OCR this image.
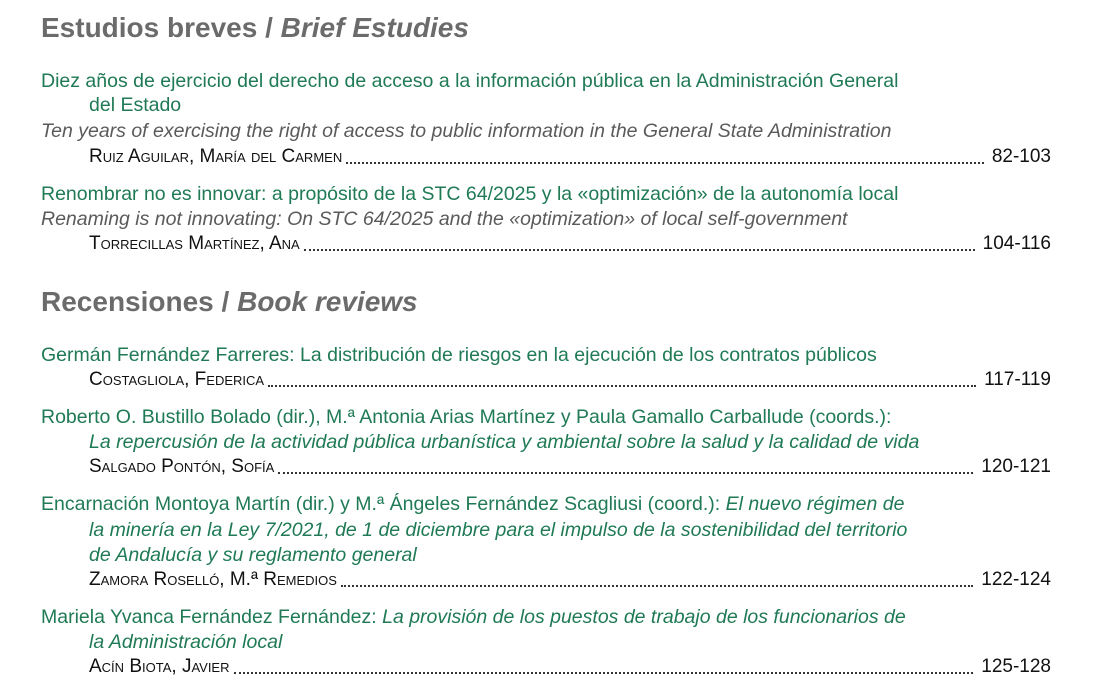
Estudios breves / Brief Estudies
Diez años de ejercicio del derecho de acceso a la información pública en la Administración General
del Estado
Ten years of exercising the right of access to public information in the General State Administration
Ruiz Aguilar, María del Carmen	82-103
Renombrar no es innovar: a propósito de la STC 64/2025 y la «optimización» de la autonomía local
Renaming is not innovating: On STC 64/2025 and the «optimization» of local self-government
Torrecillas Martínez, Ana	104-116
Recensiones / Book reviews
Germán Fernández Farreres: La distribución de riesgos en la ejecución de los contratos públicos
Costagliola, Federica	117-119
Roberto O. Bustillo Bolado (dir.), M.ª Antonia Arias Martínez y Paula Gamallo Carballude (coords.):
La repercusión de la actividad pública urbanística y ambiental sobre la salud y la calidad de vida
Salgado Pontón, Sofía	120-121
Encarnación Montoya Martín (dir.) y M.ª Ángeles Fernández Scagliusi (coord.): El nuevo régimen de
la minería en la Ley 7/2021, de 1 de diciembre para el impulso de la sostenibilidad del territorio
de Andalucía y su reglamento general
Zamora Roselló, M.ª Remedios	122-124
Mariela Yvanca Fernández Fernández: La provisión de los puestos de trabajo de los funcionarios de
la Administración local
Acín Biota, Javier	125-128
